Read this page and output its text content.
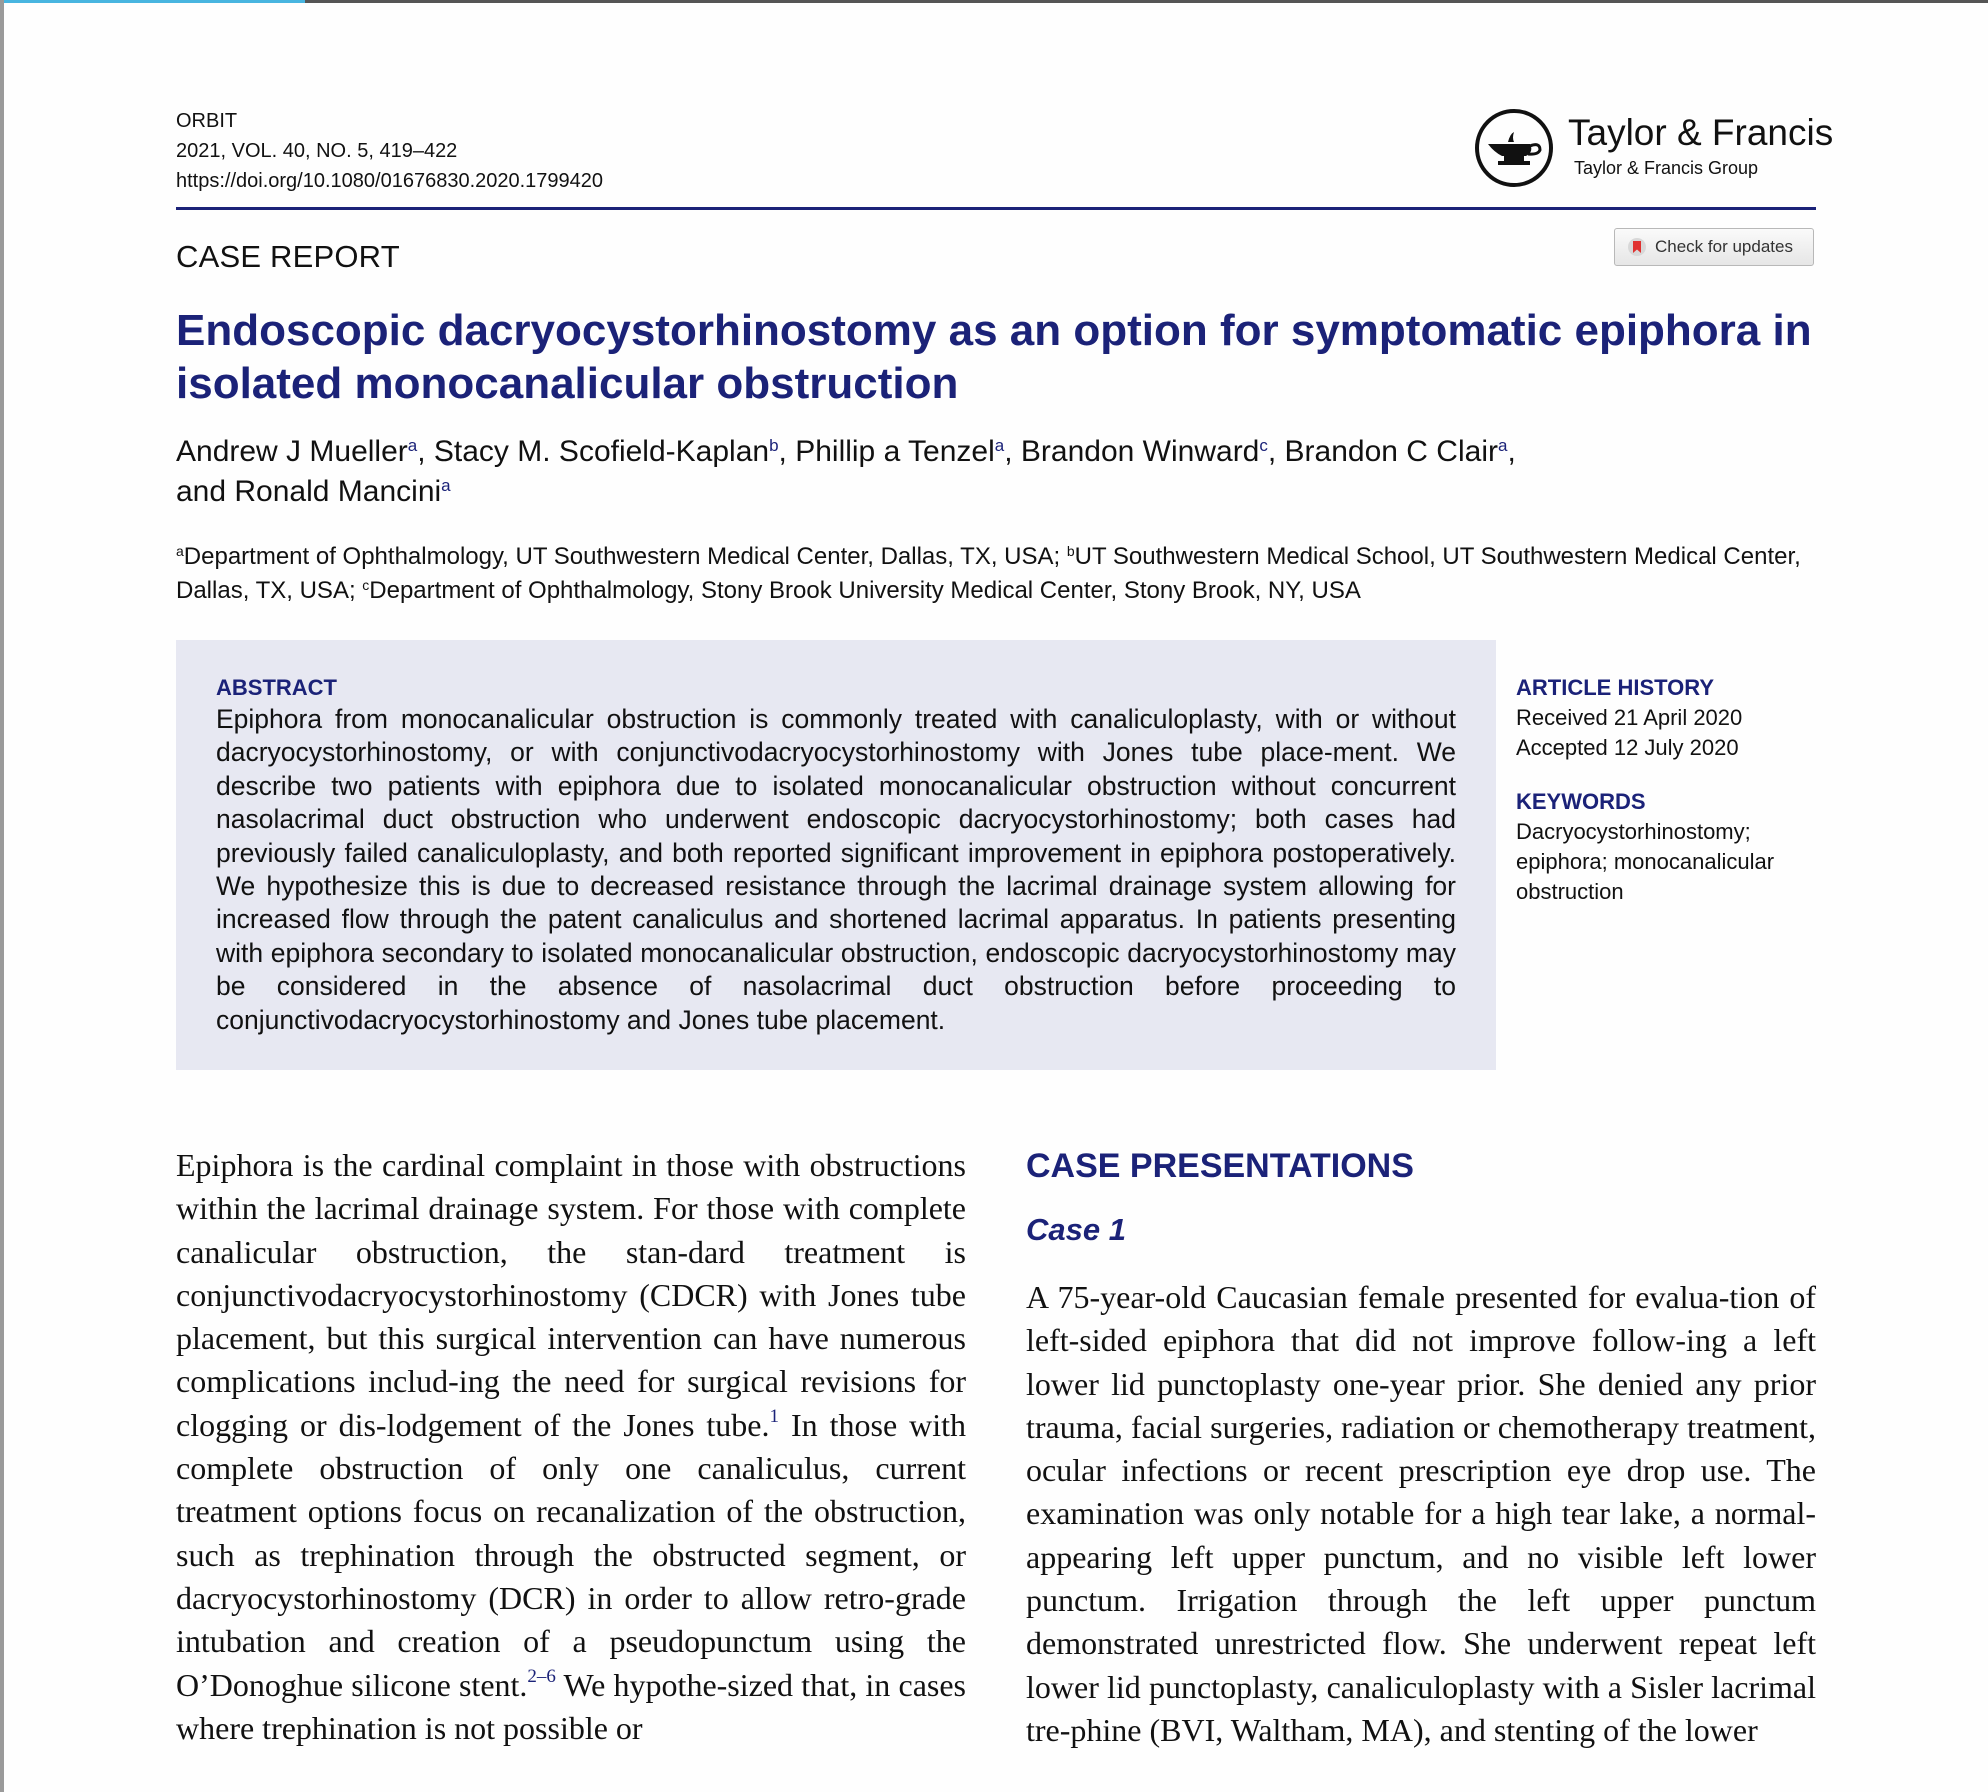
ORBIT
2021, VOL. 40, NO. 5, 419–422
https://doi.org/10.1080/01676830.2020.1799420
Taylor & Francis
Taylor & Francis Group
CASE REPORT	Check for updates
Endoscopic dacryocystorhinostomy as an option for symptomatic epiphora in isolated monocanalicular obstruction
Andrew J Mueller$^a$, Stacy M. Scofield-Kaplan$^b$, Phillip a Tenzel$^a$, Brandon Winward$^c$, Brandon C Clair$^a$,
and Ronald Mancini$^a$
$^a$Department of Ophthalmology, UT Southwestern Medical Center, Dallas, TX, USA; $^b$UT Southwestern Medical School, UT Southwestern Medical Center, Dallas, TX, USA; $^c$Department of Ophthalmology, Stony Brook University Medical Center, Stony Brook, NY, USA
ABSTRACT
Epiphora from monocanalicular obstruction is commonly treated with canaliculoplasty, with or without dacryocystorhinostomy, or with conjunctivodacryocystorhinostomy with Jones tube place-ment. We describe two patients with epiphora due to isolated monocanalicular obstruction without concurrent nasolacrimal duct obstruction who underwent endoscopic dacryocystorhinostomy; both cases had previously failed canaliculoplasty, and both reported significant improvement in epiphora postoperatively. We hypothesize this is due to decreased resistance through the lacrimal drainage system allowing for increased flow through the patent canaliculus and shortened lacrimal apparatus. In patients presenting with epiphora secondary to isolated monocanalicular obstruction, endoscopic dacryocystorhinostomy may be considered in the absence of nasolacrimal duct obstruction before proceeding to conjunctivodacryocystorhinostomy and Jones tube placement.
ARTICLE HISTORY
Received 21 April 2020
Accepted 12 July 2020
KEYWORDS
Dacryocystorhinostomy;
epiphora; monocanalicular
obstruction
Epiphora is the cardinal complaint in those with obstructions within the lacrimal drainage system. For those with complete canalicular obstruction, the stan-dard treatment is conjunctivodacryocystorhinostomy (CDCR) with Jones tube placement, but this surgical intervention can have numerous complications includ-ing the need for surgical revisions for clogging or dis-lodgement of the Jones tube.$^1$ In those with complete obstruction of only one canaliculus, current treatment options focus on recanalization of the obstruction, such as trephination through the obstructed segment, or dacryocystorhinostomy (DCR) in order to allow retro-grade intubation and creation of a pseudopunctum using the O’Donoghue silicone stent.$^{2-6}$ We hypothe-sized that, in cases where trephination is not possible or
CASE PRESENTATIONS
Case 1
A 75-year-old Caucasian female presented for evalua-tion of left-sided epiphora that did not improve follow-ing a left lower lid punctoplasty one-year prior. She denied any prior trauma, facial surgeries, radiation or chemotherapy treatment, ocular infections or recent prescription eye drop use. The examination was only notable for a high tear lake, a normal-appearing left upper punctum, and no visible left lower punctum. Irrigation through the left upper punctum demonstrated unrestricted flow. She underwent repeat left lower lid punctoplasty, canaliculoplasty with a Sisler lacrimal tre-phine (BVI, Waltham, MA), and stenting of the lower
